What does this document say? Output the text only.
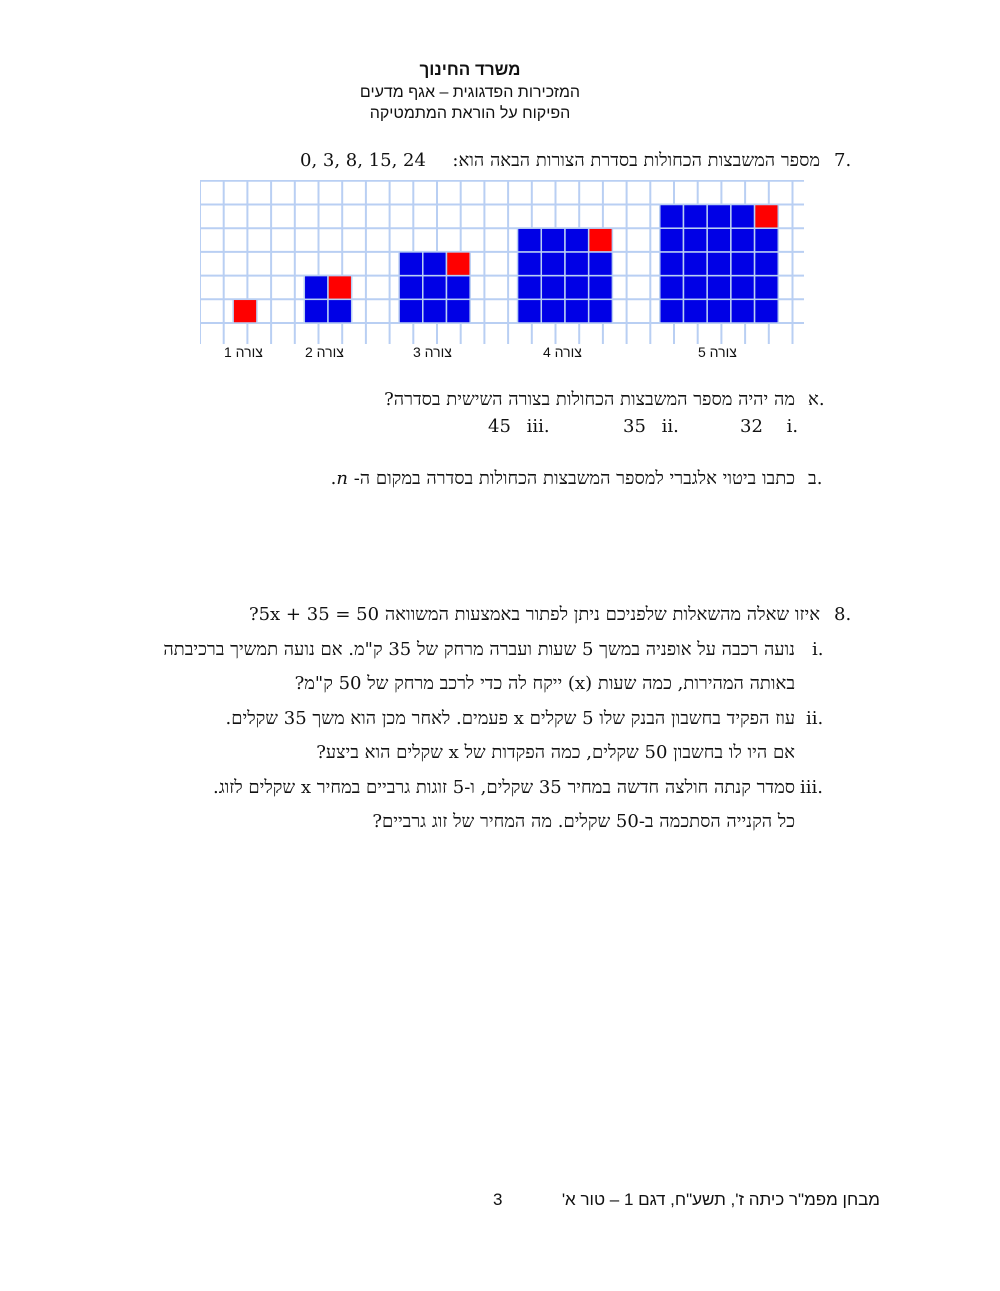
משרד החינוך
המזכירות הפדגוגית – אגף מדעים
הפיקוח על הוראת המתמטיקה
7.
מספר המשבצות הכחולות בסדרת הצורות הבאה הוא:
0, 3, 8, 15, 24
צורה 1	צורה 2	צורה 3	צורה 4	צורה 5
א.
מה יהיה מספר המשבצות הכחולות בצורה השישית בסדרה?
32 i.
35 ii.
45 iii.
ב.
כתבו ביטוי אלגברי למספר המשבצות הכחולות בסדרה במקום ה- n.
8.
איזו שאלה מהשאלות שלפניכם ניתן לפתור באמצעות המשוואה 5x + 35 = 50?
i.
נועה רכבה על אופניה במשך 5 שעות ועברה מרחק של 35 ק"מ. אם נועה תמשיך ברכיבתה
באותה המהירות, כמה שעות (x) ייקח לה כדי לרכב מרחק של 50 ק"מ?
ii.
עוז הפקיד בחשבון הבנק שלו 5 שקלים x פעמים. לאחר מכן הוא משך 35 שקלים.
אם היו לו בחשבון 50 שקלים, כמה הפקדות של x שקלים הוא ביצע?
iii.
סמדר קנתה חולצה חדשה במחיר 35 שקלים, ו-5 זוגות גרביים במחיר x שקלים לזוג.
כל הקנייה הסתכמה ב-50 שקלים. מה המחיר של זוג גרביים?
מבחן מפמ"ר כיתה ז', תשע"ח, דגם 1 – טור א'
3
